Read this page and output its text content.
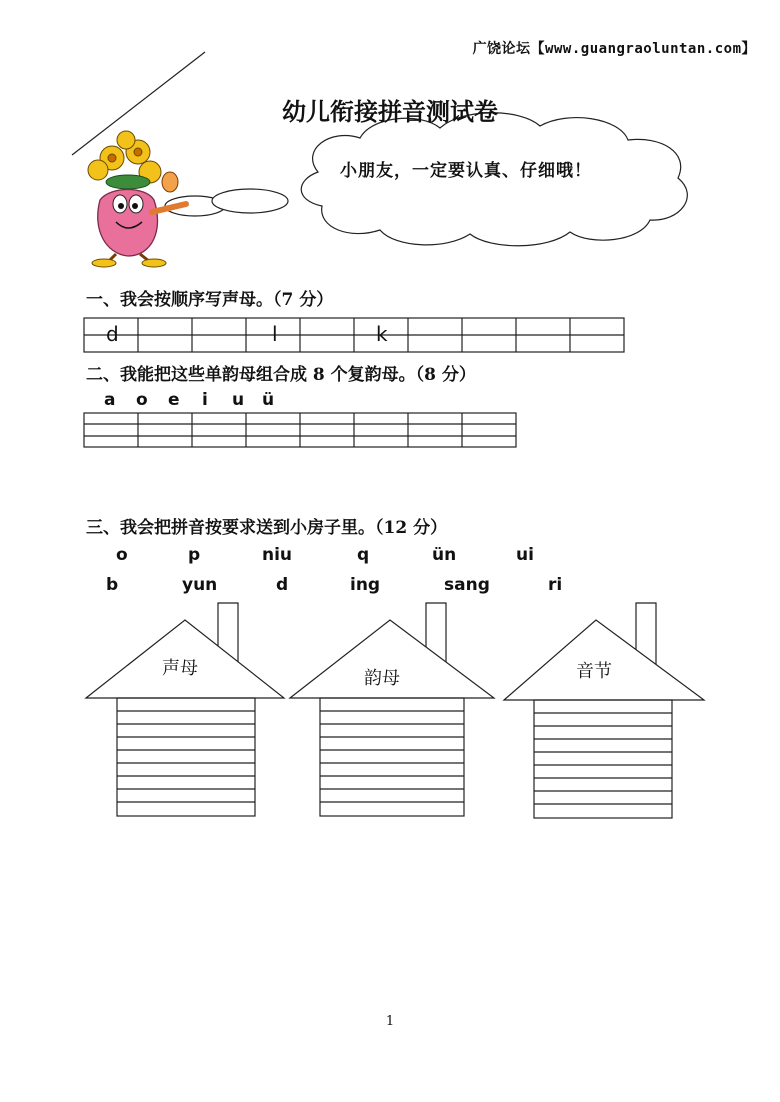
广饶论坛【www.guangraoluntan.com】
幼儿衔接拼音测试卷
小朋友，一定要认真、仔细哦！
一、我会按顺序写声母。（7 分）
d	l	k
二、我能把这些单韵母组合成 8 个复韵母。（8 分）
a o e i u ü
三、我会把拼音按要求送到小房子里。（12 分）
o	p	niu	q	ün	ui
b	yun	d	ing	sang	ri
声母	韵母	音节
1
